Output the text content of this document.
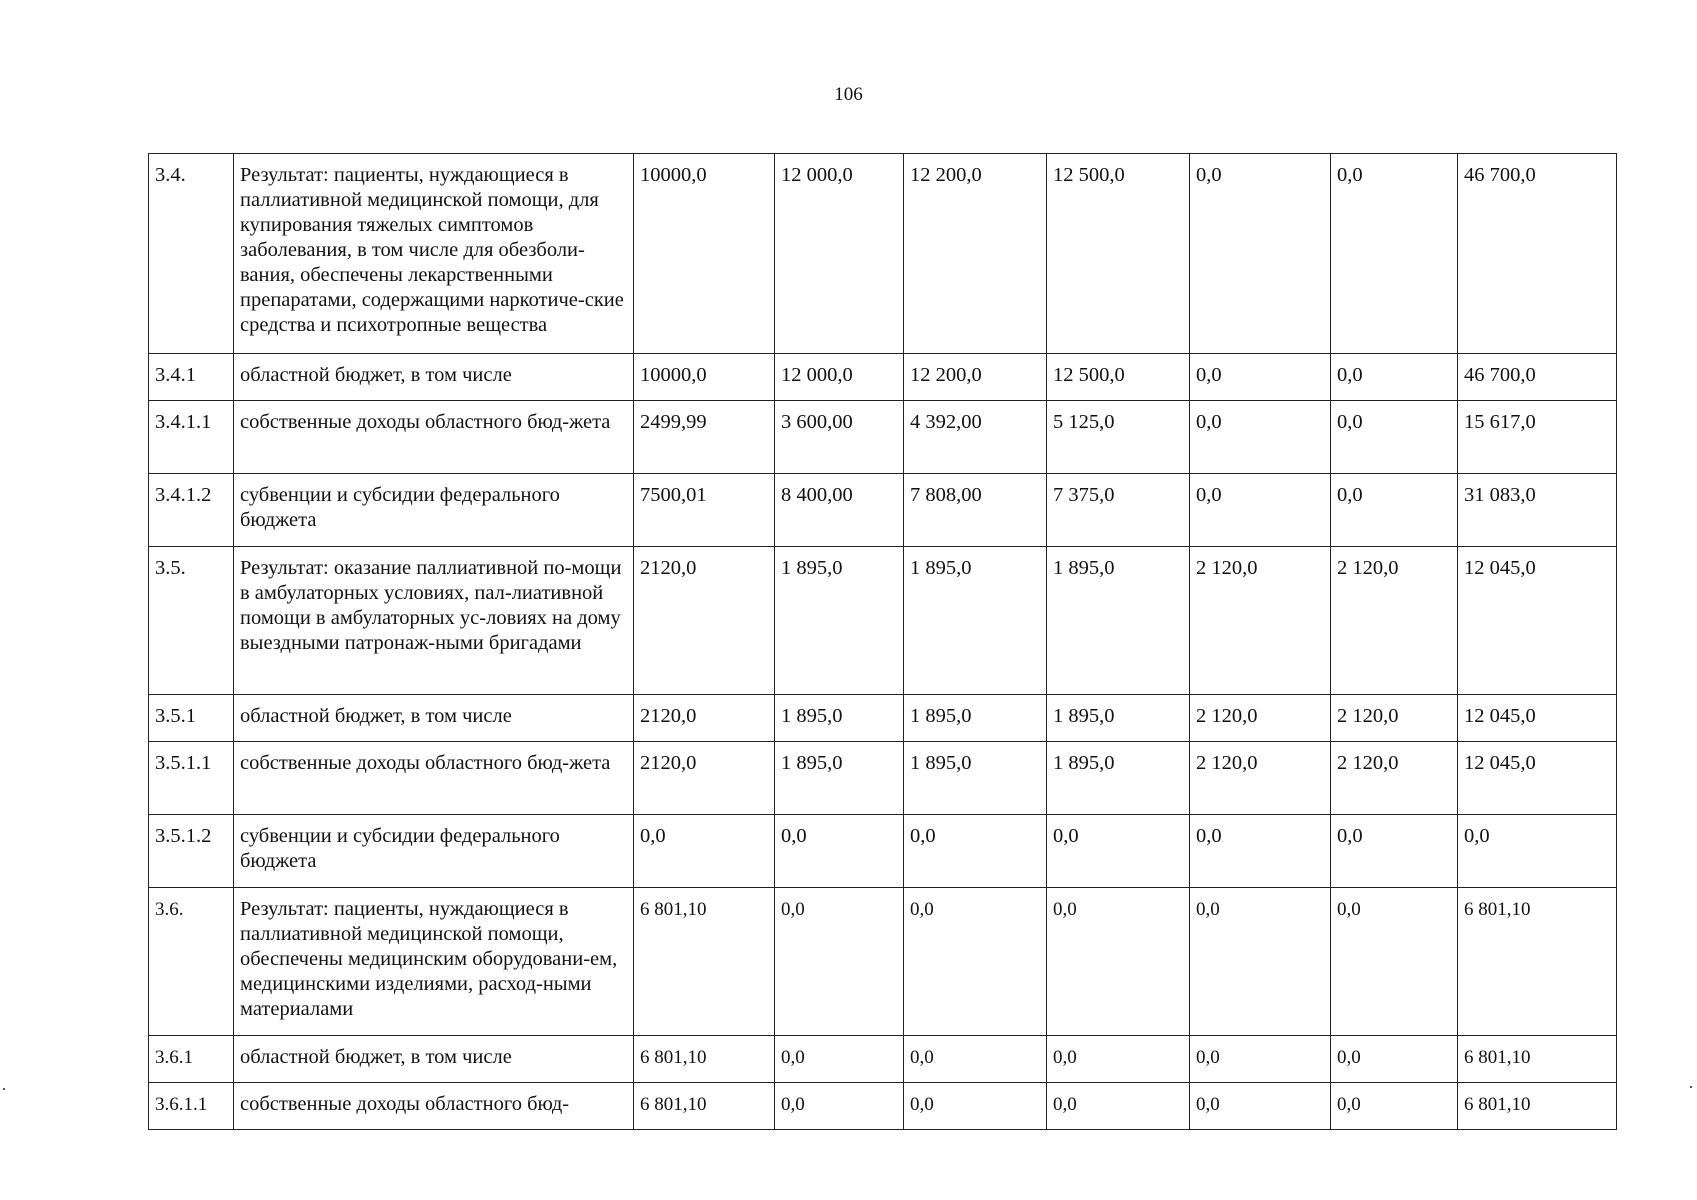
106
3.4.	Результат: пациенты, нуждающиеся в паллиативной медицинской помощи, для купирования тяжелых симптомов заболевания, в том числе для обезболи-вания, обеспечены лекарственными препаратами, содержащими наркотиче-ские средства и психотропные вещества	10000,0	12 000,0	12 200,0	12 500,0	0,0	0,0	46 700,0
3.4.1	областной бюджет, в том числе	10000,0	12 000,0	12 200,0	12 500,0	0,0	0,0	46 700,0
3.4.1.1	собственные доходы областного бюд-жета	2499,99	3 600,00	4 392,00	5 125,0	0,0	0,0	15 617,0
3.4.1.2	субвенции и субсидии федерального бюджета	7500,01	8 400,00	7 808,00	7 375,0	0,0	0,0	31 083,0
3.5.	Результат: оказание паллиативной по-мощи в амбулаторных условиях, пал-лиативной помощи в амбулаторных ус-ловиях на дому выездными патронаж-ными бригадами	2120,0	1 895,0	1 895,0	1 895,0	2 120,0	2 120,0	12 045,0
3.5.1	областной бюджет, в том числе	2120,0	1 895,0	1 895,0	1 895,0	2 120,0	2 120,0	12 045,0
3.5.1.1	собственные доходы областного бюд-жета	2120,0	1 895,0	1 895,0	1 895,0	2 120,0	2 120,0	12 045,0
3.5.1.2	субвенции и субсидии федерального бюджета	0,0	0,0	0,0	0,0	0,0	0,0	0,0
3.6.	Результат: пациенты, нуждающиеся в паллиативной медицинской помощи, обеспечены медицинским оборудовани-ем, медицинскими изделиями, расход-ными материалами	6 801,10	0,0	0,0	0,0	0,0	0,0	6 801,10
3.6.1	областной бюджет, в том числе	6 801,10	0,0	0,0	0,0	0,0	0,0	6 801,10
3.6.1.1	собственные доходы областного бюд-	6 801,10	0,0	0,0	0,0	0,0	0,0	6 801,10
